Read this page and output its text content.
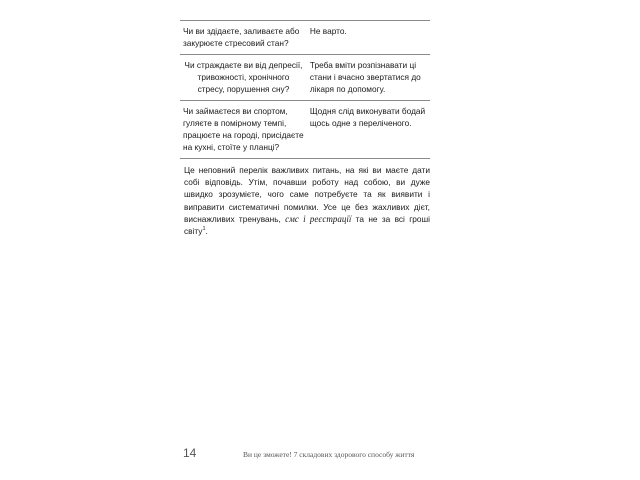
Чи ви здідаєте, заливаєте або закурюєте стресовий стан?	Не варто.
Чи страждаєте ви від депресії, тривожності, хронічного стресу, порушення сну?	Треба вміти розпізнавати ці стани і вчасно звертатися до лікаря по допомогу.
Чи займаєтеся ви спортом, гуляєте в помірному темпі, працюєте на городі, присідаєте на кухні, стоїте у планці?	Щодня слід виконувати бодай щось одне з переліченого.

Це неповний перелік важливих питань, на які ви маєте дати собі відповідь. Утім, почавши роботу над собою, ви дуже швидко зрозумієте, чого саме потребуєте та як виявити і виправити систематичні помилки. Усе це без жахливих дієт, виснажливих тренувань, смс і реєстрації та не за всі гроші світу$^1$.

14	Ви це зможете! 7 складових здорового способу життя
